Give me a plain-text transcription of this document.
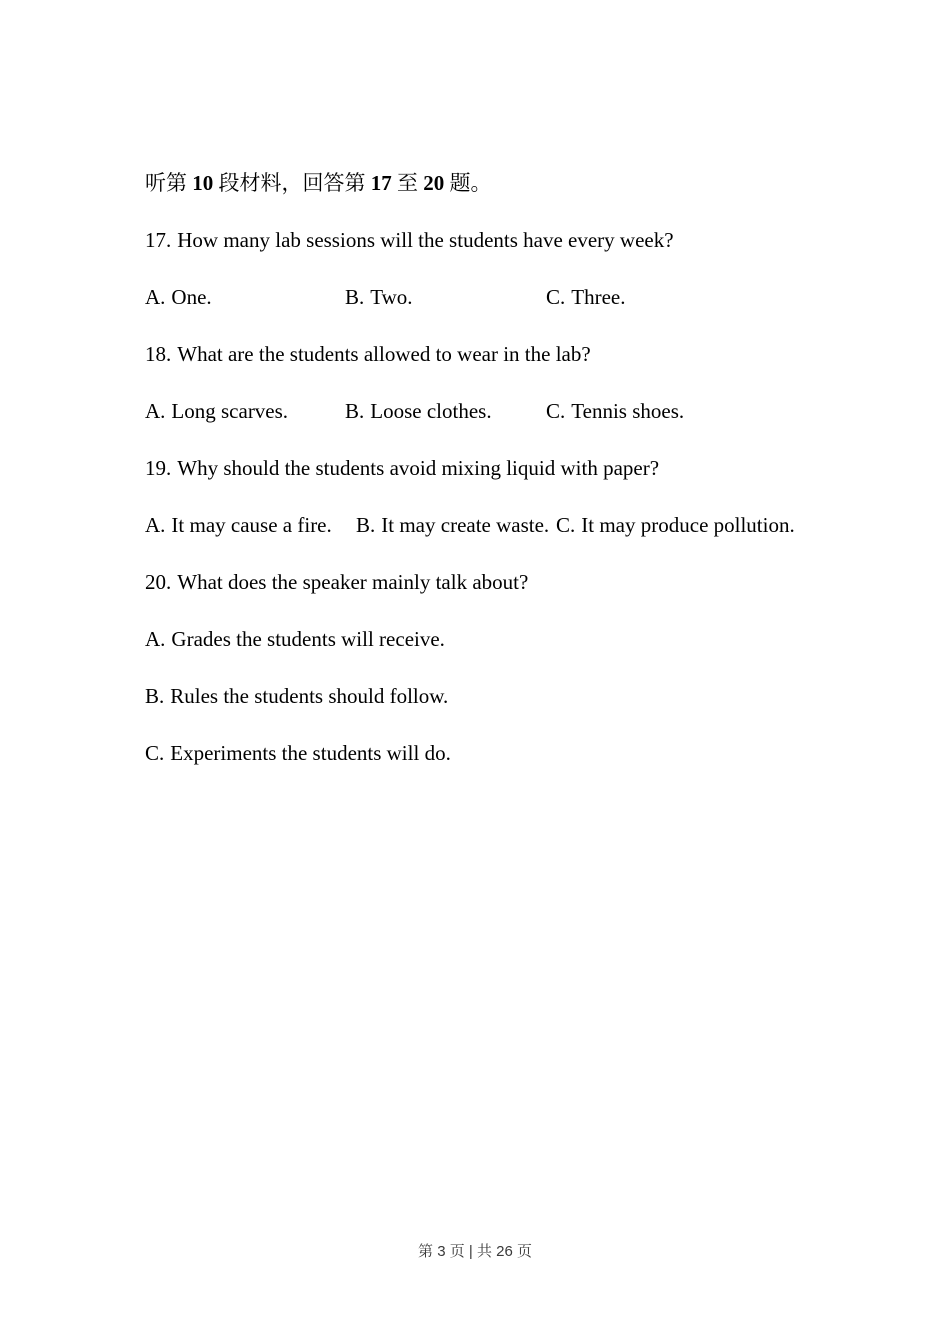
听第 10 段材料，回答第 17 至 20 题。

17. How many lab sessions will the students have every week?

A. One.	B. Two.	C. Three.

18. What are the students allowed to wear in the lab?

A. Long scarves.	B. Loose clothes.	C. Tennis shoes.

19. Why should the students avoid mixing liquid with paper?

A. It may cause a fire. B. It may create waste. C. It may produce pollution.

20. What does the speaker mainly talk about?

A. Grades the students will receive.

B. Rules the students should follow.

C. Experiments the students will do.

第 3 页 | 共 26 页
